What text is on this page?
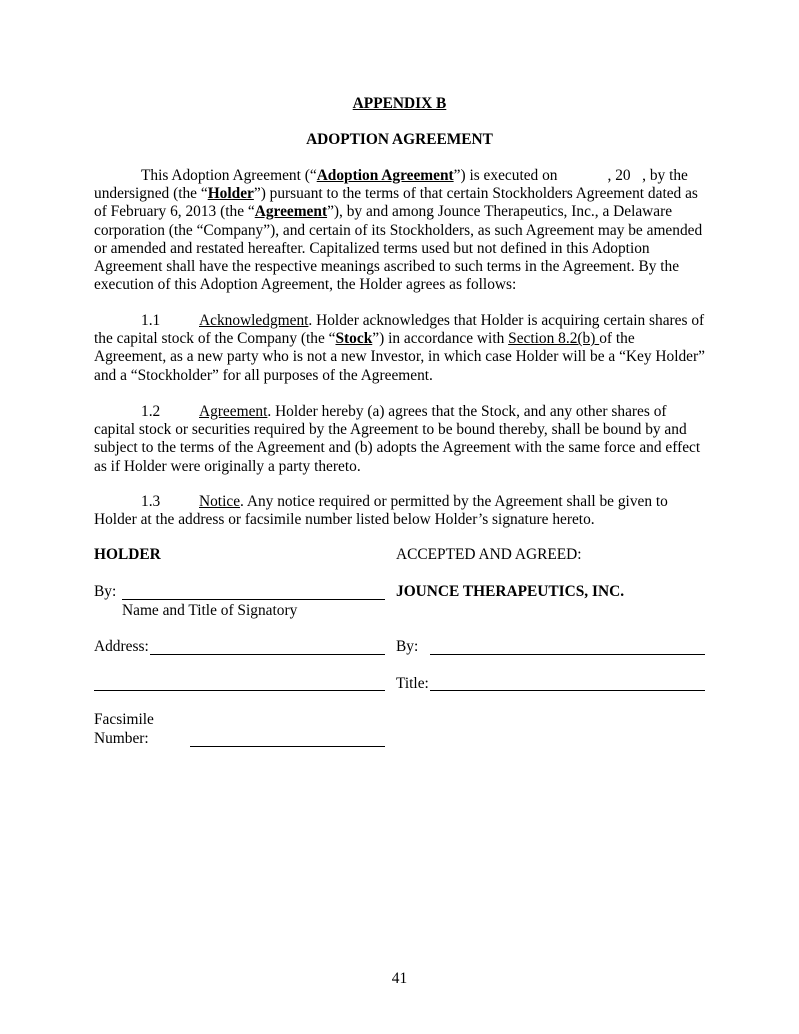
APPENDIX B
ADOPTION AGREEMENT
This Adoption Agreement (“Adoption Agreement”) is executed on             , 20   , by the undersigned (the “Holder”) pursuant to the terms of that certain Stockholders Agreement dated as of February 6, 2013 (the “Agreement”), by and among Jounce Therapeutics, Inc., a Delaware corporation (the “Company”), and certain of its Stockholders, as such Agreement may be amended or amended and restated hereafter. Capitalized terms used but not defined in this Adoption Agreement shall have the respective meanings ascribed to such terms in the Agreement. By the execution of this Adoption Agreement, the Holder agrees as follows:
1.1	Acknowledgment. Holder acknowledges that Holder is acquiring certain shares of the capital stock of the Company (the “Stock”) in accordance with Section 8.2(b) of the Agreement, as a new party who is not a new Investor, in which case Holder will be a “Key Holder” and a “Stockholder” for all purposes of the Agreement.
1.2	Agreement. Holder hereby (a) agrees that the Stock, and any other shares of capital stock or securities required by the Agreement to be bound thereby, shall be bound by and subject to the terms of the Agreement and (b) adopts the Agreement with the same force and effect as if Holder were originally a party thereto.
1.3	Notice. Any notice required or permitted by the Agreement shall be given to Holder at the address or facsimile number listed below Holder’s signature hereto.
HOLDER	ACCEPTED AND AGREED:
By:	JOUNCE THERAPEUTICS, INC.
Name and Title of Signatory
Address:	By:
Title:
Facsimile
Number:
41
